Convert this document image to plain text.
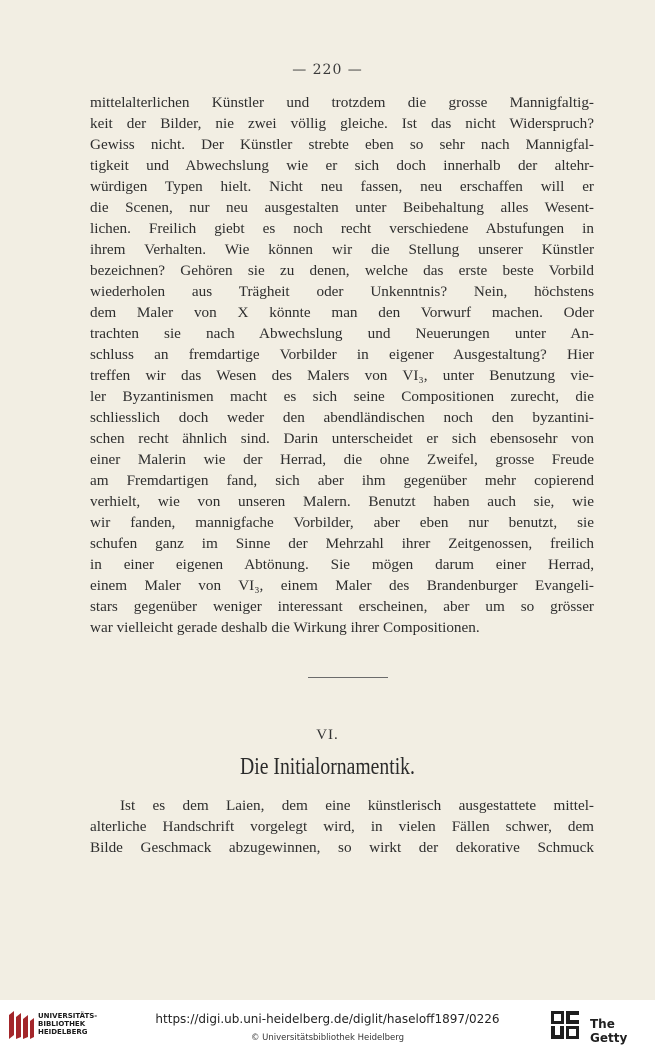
— 220 —
mittelalterlichen Künstler und trotzdem die grosse Mannigfaltig-
keit der Bilder, nie zwei völlig gleiche. Ist das nicht Widerspruch?
Gewiss nicht. Der Künstler strebte eben so sehr nach Mannigfal-
tigkeit und Abwechslung wie er sich doch innerhalb der altehr-
würdigen Typen hielt. Nicht neu fassen, neu erschaffen will er
die Scenen, nur neu ausgestalten unter Beibehaltung alles Wesent-
lichen. Freilich giebt es noch recht verschiedene Abstufungen in
ihrem Verhalten. Wie können wir die Stellung unserer Künstler
bezeichnen? Gehören sie zu denen, welche das erste beste Vorbild
wiederholen aus Trägheit oder Unkenntnis? Nein, höchstens
dem Maler von X könnte man den Vorwurf machen. Oder
trachten sie nach Abwechslung und Neuerungen unter An-
schluss an fremdartige Vorbilder in eigener Ausgestaltung? Hier
treffen wir das Wesen des Malers von VI₃, unter Benutzung vie-
ler Byzantinismen macht es sich seine Compositionen zurecht, die
schliesslich doch weder den abendländischen noch den byzantini-
schen recht ähnlich sind. Darin unterscheidet er sich ebensosehr von
einer Malerin wie der Herrad, die ohne Zweifel, grosse Freude
am Fremdartigen fand, sich aber ihm gegenüber mehr copierend
verhielt, wie von unseren Malern. Benutzt haben auch sie, wie
wir fanden, mannigfache Vorbilder, aber eben nur benutzt, sie
schufen ganz im Sinne der Mehrzahl ihrer Zeitgenossen, freilich
in einer eigenen Abtönung. Sie mögen darum einer Herrad,
einem Maler von VI₃, einem Maler des Brandenburger Evangeli-
stars gegenüber weniger interessant erscheinen, aber um so grösser
war vielleicht gerade deshalb die Wirkung ihrer Compositionen.
VI.
Die Initialornamentik.
Ist es dem Laien, dem eine künstlerisch ausgestattete mittel-
alterliche Handschrift vorgelegt wird, in vielen Fällen schwer, dem
Bilde Geschmack abzugewinnen, so wirkt der dekorative Schmuck
UNIVERSITÄTS-
BIBLIOTHEK
HEIDELBERG
https://digi.ub.uni-heidelberg.de/diglit/haseloff1897/0226
© Universitätsbibliothek Heidelberg
The Getty
